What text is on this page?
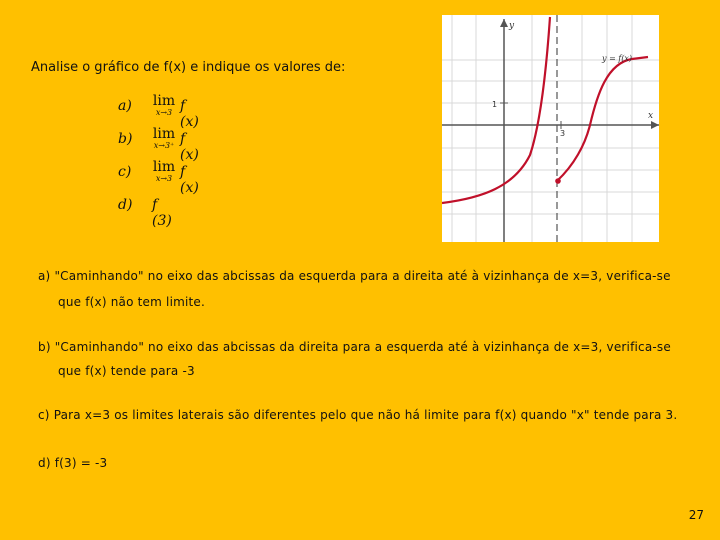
Analise o gráfico de f(x) e indique os valores de:
a)	lim
x→3 f (x)
b)	lim
x→3⁺ f (x)
c)	lim
x→3 f (x)
d) f (3)
y
x
1
3
y = f(x)
a) "Caminhando" no eixo das abcissas da esquerda para a direita até à vizinhança de x=3, verifica-se
que f(x) não tem limite.
b) "Caminhando" no eixo das abcissas da direita para a esquerda até à vizinhança de x=3, verifica-se
que f(x) tende para -3
c) Para x=3 os limites laterais são diferentes pelo que não há limite para f(x) quando "x" tende para 3.
d) f(3) = -3
27
